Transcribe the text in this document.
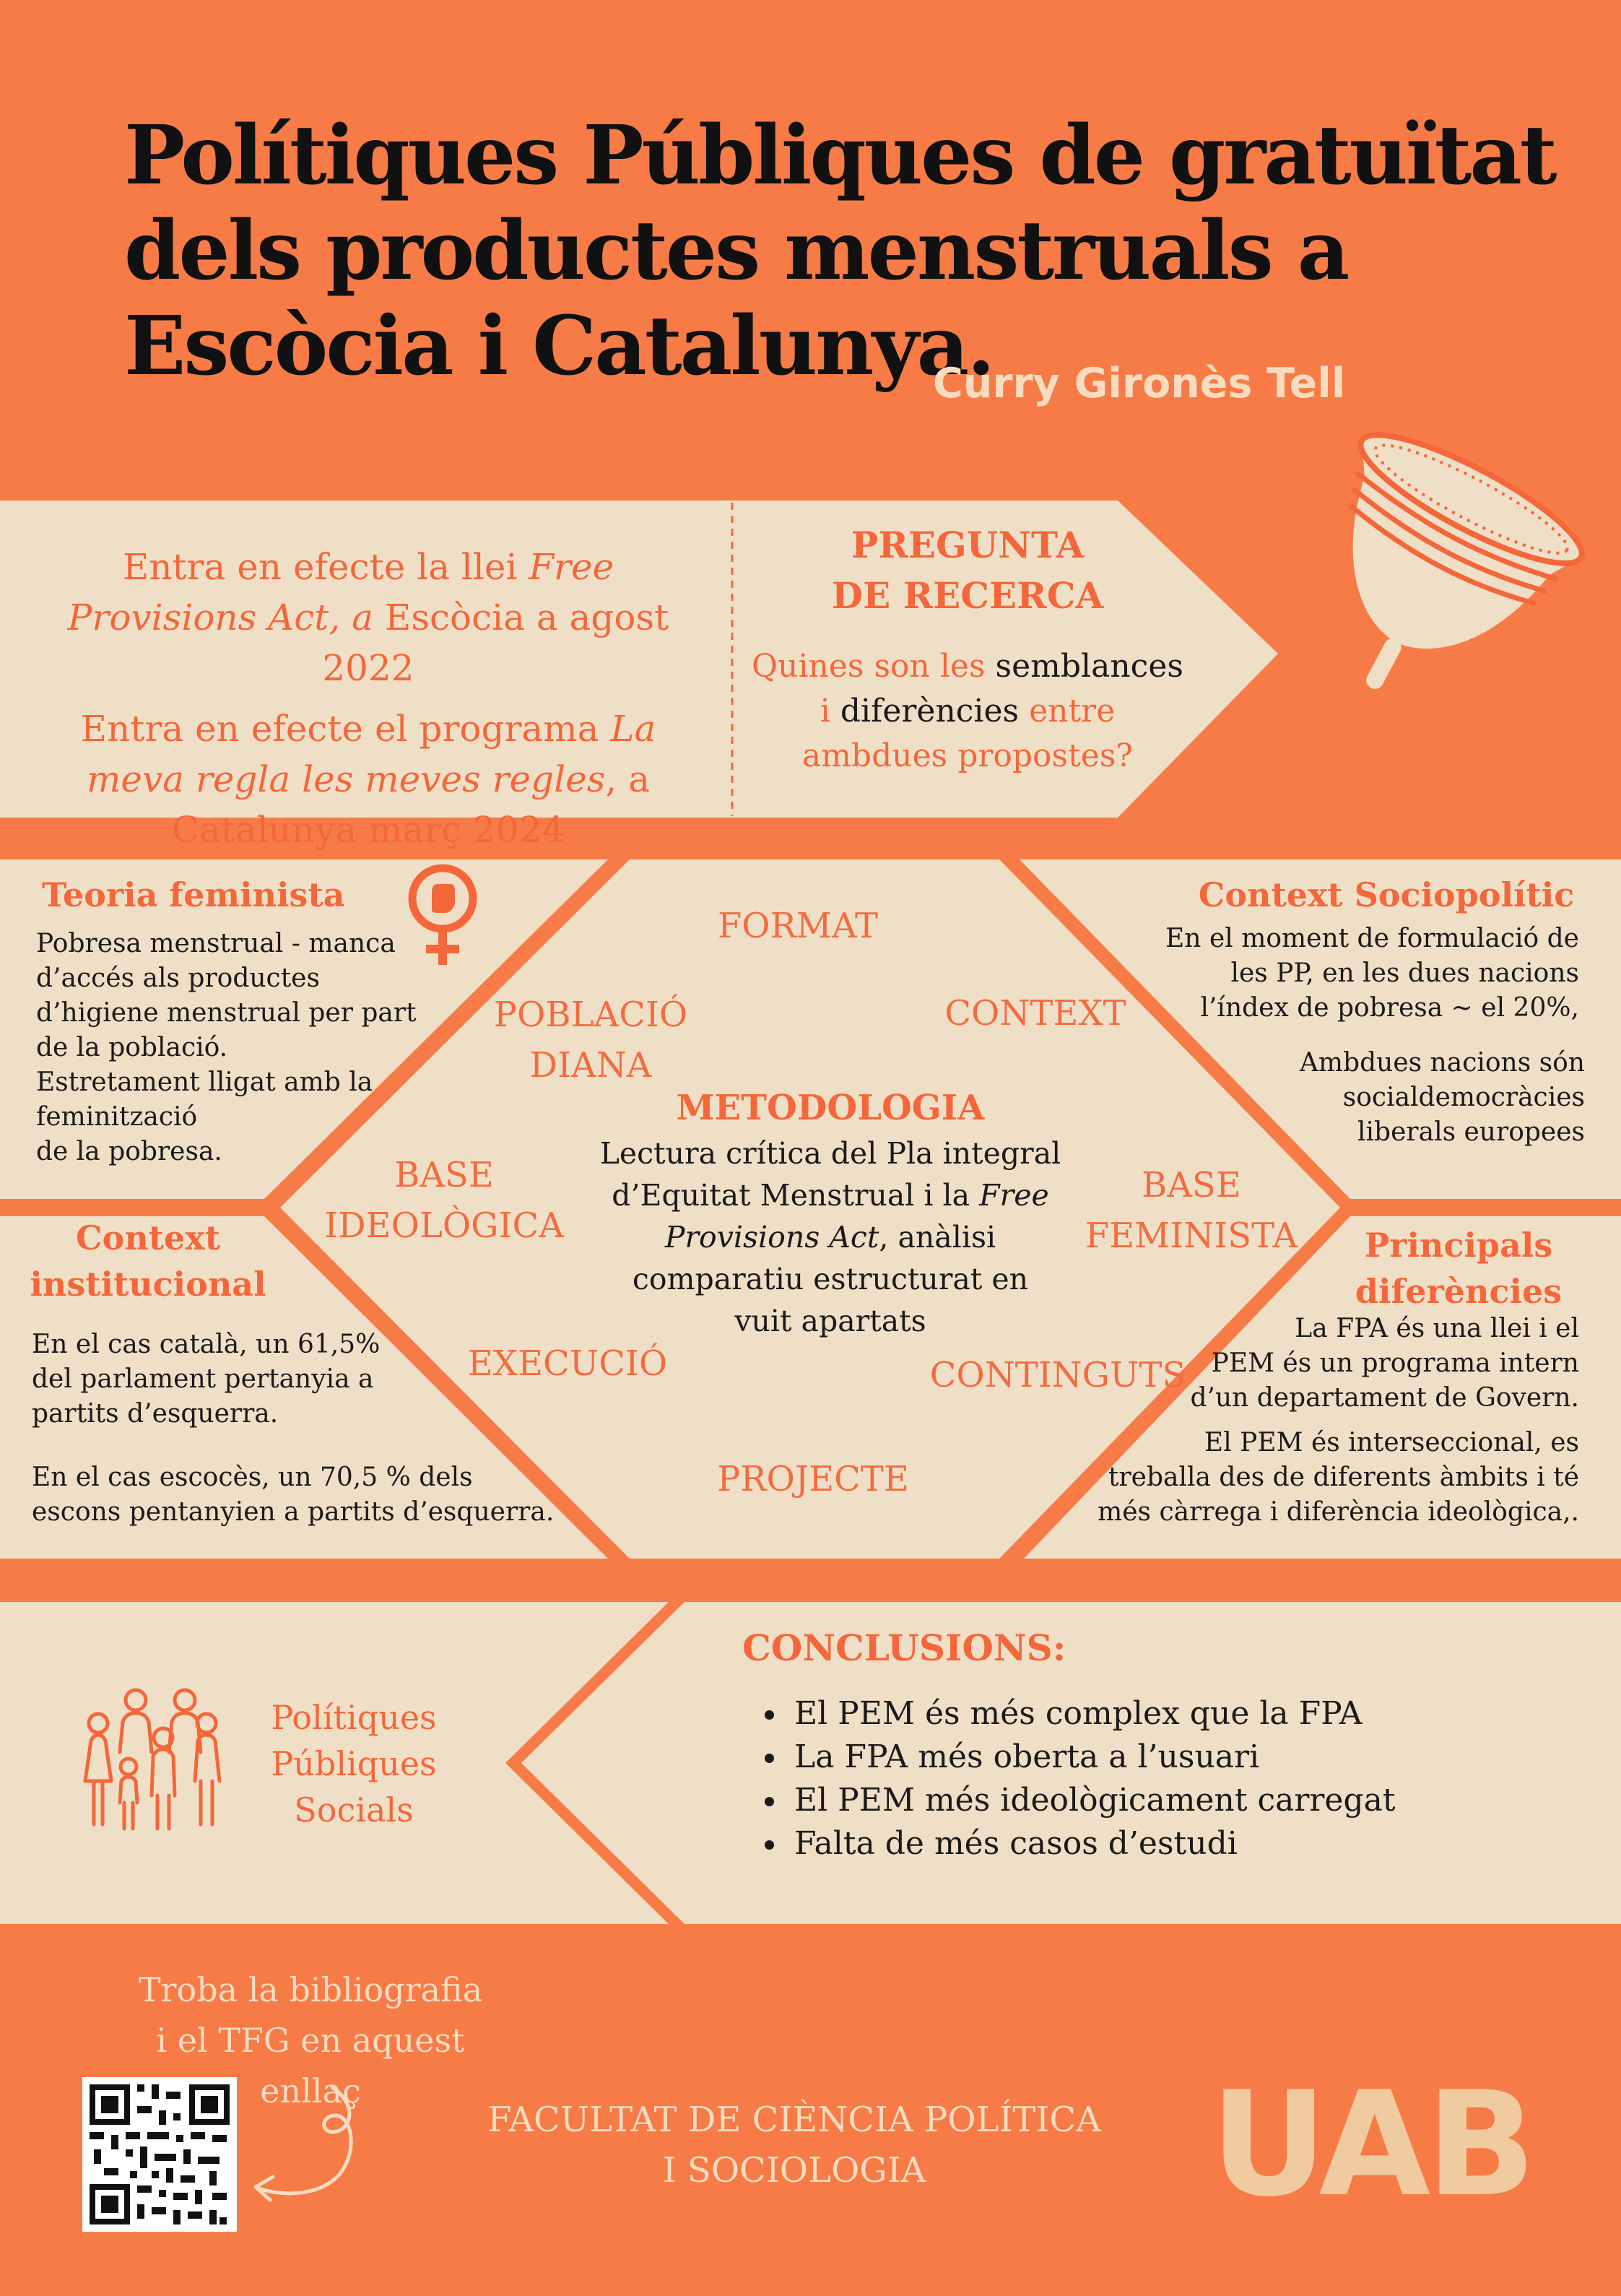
Polítiques Públiques de gratuïtat
dels productes menstruals a
Escòcia i Catalunya.
Curry Gironès Tell
Entra en efecte la llei Free Provisions Act, a Escòcia a agost 2022
Entra en efecte el programa La meva regla les meves regles, a Catalunya març 2024
PREGUNTA DE RECERCA
Quines son les semblances
i diferències entre
ambdues propostes?
Teoria feminista
Pobresa menstrual - manca
d’accés als productes
d’higiene menstrual per part
de la població.
Estretament lligat amb la
feminització
de la pobresa.
Context Sociopolític
En el moment de formulació de
les PP, en les dues nacions
l’índex de pobresa ~ el 20%,
Ambdues nacions són
socialdemocràcies
liberals europees
Context
institucional
En el cas català, un 61,5%
del parlament pertanyia a
partits d’esquerra.
En el cas escocès, un 70,5 % dels
escons pentanyien a partits d’esquerra.
Principals
diferències
La FPA és una llei i el
PEM és un programa intern
d’un departament de Govern.
El PEM és interseccional, es
treballa des de diferents àmbits i té
més càrrega i diferència ideològica,.
FORMAT
POBLACIÓ
DIANA
CONTEXT
BASE
IDEOLÒGICA
BASE
FEMINISTA
EXECUCIÓ	CONTINGUTS
PROJECTE
METODOLOGIA
Lectura crítica del Pla integral
d’Equitat Menstrual i la Free
Provisions Act, anàlisi
comparatiu estructurat en
vuit apartats
Polítiques
Públiques
Socials
CONCLUSIONS:
• El PEM és més complex que la FPA
• La FPA més oberta a l’usuari
• El PEM més ideològicament carregat
• Falta de més casos d’estudi
Troba la bibliografia
i el TFG en aquest enllaç
FACULTAT DE CIÈNCIA POLÍTICA
I SOCIOLOGIA	UAB
